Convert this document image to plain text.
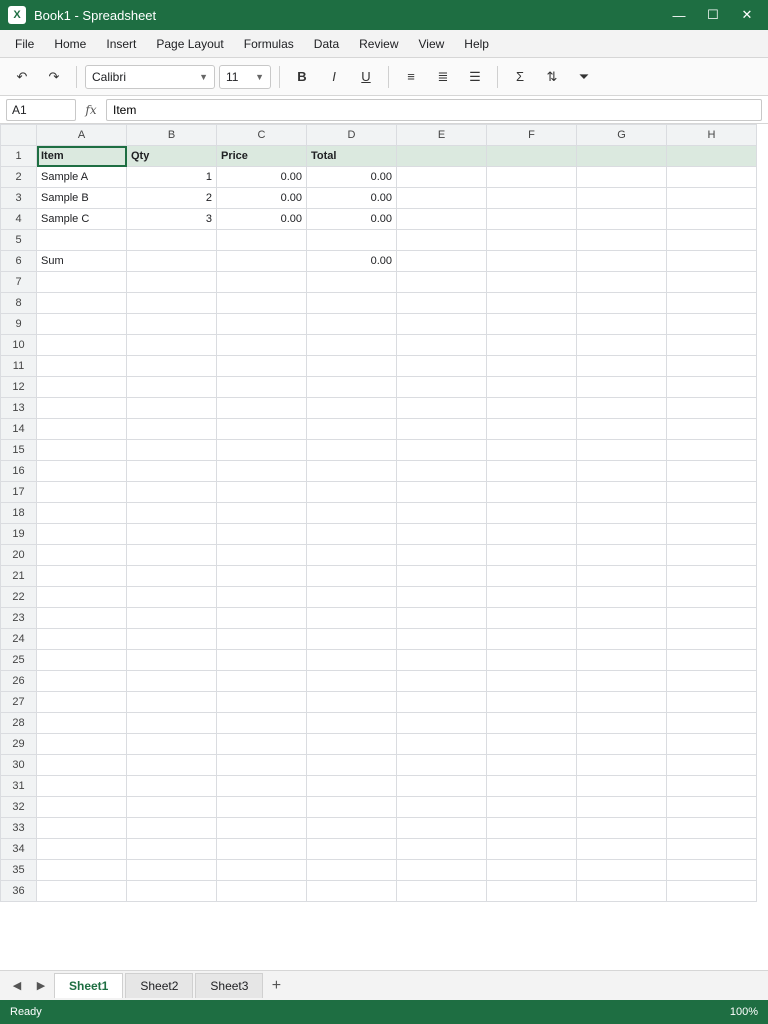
X	Book1 - Spreadsheet	—	☐	✕
File	Home	Insert	Page Layout	Formulas	Data	Review	View	Help
↶	↷	Calibri	▼ 11 ▼	B	I	U	≡	≣	☰	Σ	⇅	⏷
A1	fx
Item
	A	B	C	D	E	F	G	H
1	Item	Qty	Price	Total				
2	Sample A	1	0.00	0.00				
3	Sample B	2	0.00	0.00				
4	Sample C	3	0.00	0.00				
5								
6	Sum			0.00				
7								
8								
9								
10								
11								
12								
13								
14								
15								
16								
17								
18								
19								
20								
21								
22								
23								
24								
25								
26								
27								
28								
29								
30								
31								
32								
33								
34								
35								
36								
◀	▶	Sheet1	Sheet2	Sheet3	+
Ready	100%
